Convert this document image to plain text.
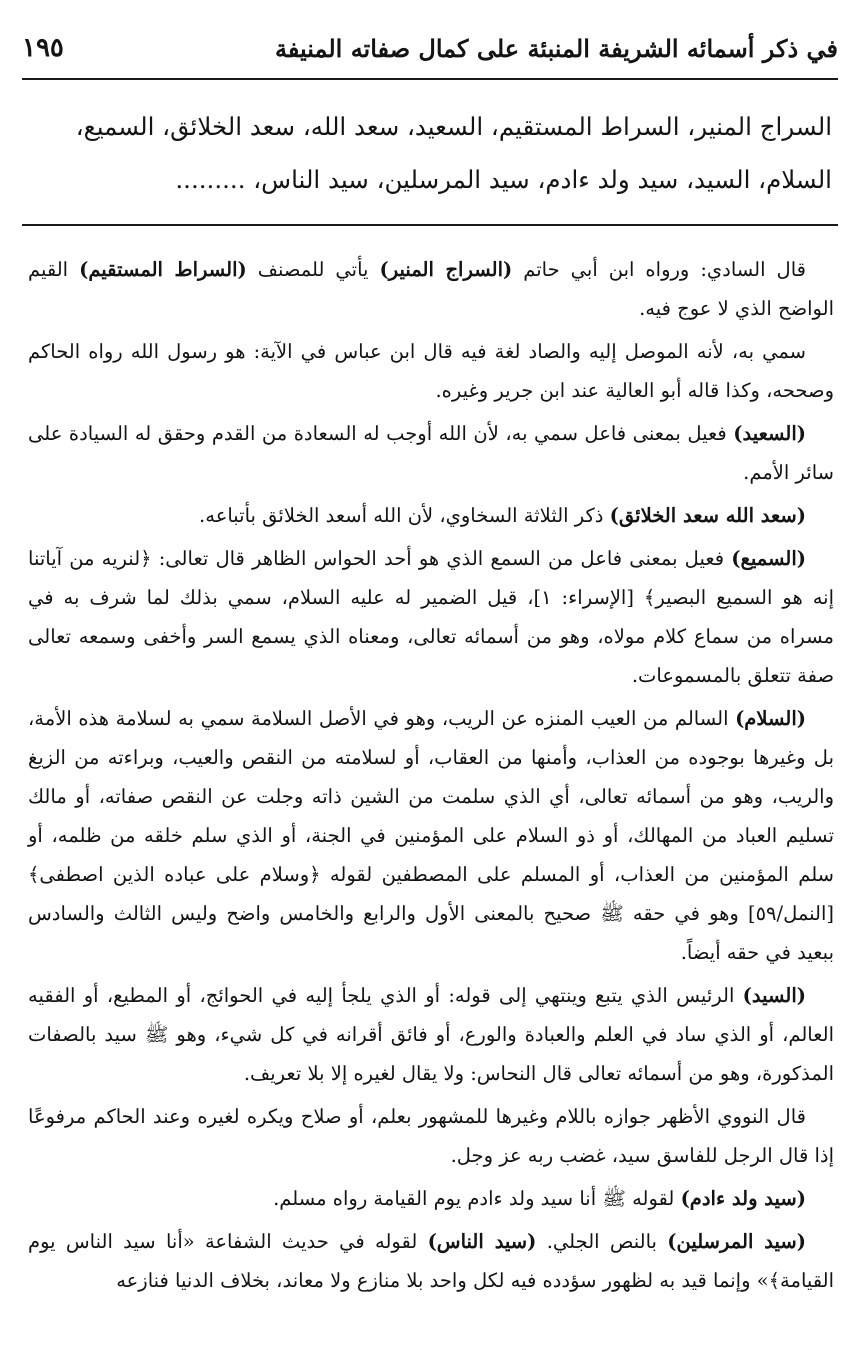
في ذكر أسمائه الشريفة المنبئة على كمال صفاته المنيفة
١٩٥
السراج المنير، السراط المستقيم، السعيد، سعد الله، سعد الخلائق، السميع،
السلام، السيد، سيد ولد ءادم، سيد المرسلين، سيد الناس، .........

قال السادي: ورواه ابن أبي حاتم (السراج المنير) يأتي للمصنف (السراط المستقيم) القيم الواضح الذي لا عوج فيه.

سمي به، لأنه الموصل إليه والصاد لغة فيه قال ابن عباس في الآية: هو رسول الله رواه الحاكم وصححه، وكذا قاله أبو العالية عند ابن جرير وغيره.

(السعيد) فعيل بمعنى فاعل سمي به، لأن الله أوجب له السعادة من القدم وحقق له السيادة على سائر الأمم.

(سعد الله سعد الخلائق) ذكر الثلاثة السخاوي، لأن الله أسعد الخلائق بأتباعه.

(السميع) فعيل بمعنى فاعل من السمع الذي هو أحد الحواس الظاهر قال تعالى: ﴿لنريه من آياتنا إنه هو السميع البصير﴾ [الإسراء: ١]، قيل الضمير له عليه السلام، سمي بذلك لما شرف به في مسراه من سماع كلام مولاه، وهو من أسمائه تعالى، ومعناه الذي يسمع السر وأخفى وسمعه تعالى صفة تتعلق بالمسموعات.

(السلام) السالم من العيب المنزه عن الريب، وهو في الأصل السلامة سمي به لسلامة هذه الأمة، بل وغيرها بوجوده من العذاب، وأمنها من العقاب، أو لسلامته من النقص والعيب، وبراءته من الزيغ والريب، وهو من أسمائه تعالى، أي الذي سلمت من الشين ذاته وجلت عن النقص صفاته، أو مالك تسليم العباد من المهالك، أو ذو السلام على المؤمنين في الجنة، أو الذي سلم خلقه من ظلمه، أو سلم المؤمنين من العذاب، أو المسلم على المصطفين لقوله ﴿وسلام على عباده الذين اصطفى﴾ [النمل/٥٩] وهو في حقه ﷺ صحيح بالمعنى الأول والرابع والخامس واضح وليس الثالث والسادس ببعيد في حقه أيضاً.

(السيد) الرئيس الذي يتبع وينتهي إلى قوله: أو الذي يلجأ إليه في الحوائج، أو المطيع، أو الفقيه العالم، أو الذي ساد في العلم والعبادة والورع، أو فائق أقرانه في كل شيء، وهو ﷺ سيد بالصفات المذكورة، وهو من أسمائه تعالى قال النحاس: ولا يقال لغيره إلا بلا تعريف.

قال النووي الأظهر جوازه باللام وغيرها للمشهور بعلم، أو صلاح ويكره لغيره وعند الحاكم مرفوعًا إذا قال الرجل للفاسق سيد، غضب ربه عز وجل.

(سيد ولد ءادم) لقوله ﷺ أنا سيد ولد ءادم يوم القيامة رواه مسلم.

(سيد المرسلين) بالنص الجلي. (سيد الناس) لقوله في حديث الشفاعة «أنا سيد الناس يوم القيامة﴾» وإنما قيد به لظهور سؤدده فيه لكل واحد بلا منازع ولا معاند، بخلاف الدنيا فنازعه
